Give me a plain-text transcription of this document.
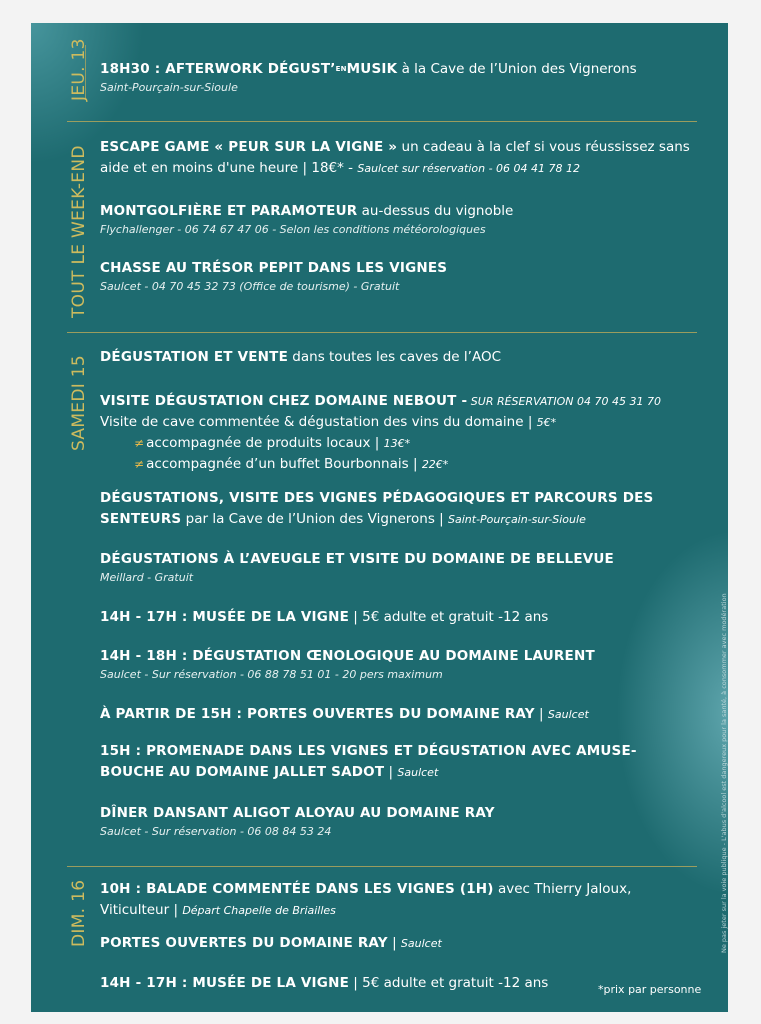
JEU. 13 18H30 : AFTERWORK DÉGUST’$^{EN}$MUSIK à la Cave de l’Union des Vignerons
Saint-Pourçain-sur-Sioule
TOUT LE WEEK-END ESCAPE GAME « PEUR SUR LA VIGNE » un cadeau à la clef si vous réussissez sans aide et en moins d'une heure | 18€* - Saulcet sur réservation - 06 04 41 78 12
MONTGOLFIÈRE ET PARAMOTEUR au-dessus du vignoble
Flychallenger - 06 74 67 47 06 - Selon les conditions météorologiques
CHASSE AU TRÉSOR PEPIT DANS LES VIGNES
Saulcet - 04 70 45 32 73 (Office de tourisme) - Gratuit
SAMEDI 15 DÉGUSTATION ET VENTE dans toutes les caves de l’AOC
VISITE DÉGUSTATION CHEZ DOMAINE NEBOUT - SUR RÉSERVATION 04 70 45 31 70
Visite de cave commentée & dégustation des vins du domaine | 5€*
≠ accompagnée de produits locaux | 13€*
≠ accompagnée d’un buffet Bourbonnais | 22€*
DÉGUSTATIONS, VISITE DES VIGNES PÉDAGOGIQUES ET PARCOURS DES SENTEURS par la Cave de l’Union des Vignerons | Saint-Pourçain-sur-Sioule
DÉGUSTATIONS À L’AVEUGLE ET VISITE DU DOMAINE DE BELLEVUE
Meillard - Gratuit
14H - 17H : MUSÉE DE LA VIGNE | 5€ adulte et gratuit -12 ans
14H - 18H : DÉGUSTATION ŒNOLOGIQUE AU DOMAINE LAURENT
Saulcet - Sur réservation - 06 88 78 51 01 - 20 pers maximum
À PARTIR DE 15H : PORTES OUVERTES DU DOMAINE RAY | Saulcet
15H : PROMENADE DANS LES VIGNES ET DÉGUSTATION AVEC AMUSE-BOUCHE AU DOMAINE JALLET SADOT | Saulcet
DÎNER DANSANT ALIGOT ALOYAU AU DOMAINE RAY
Saulcet - Sur réservation - 06 08 84 53 24
DIM. 16 10H : BALADE COMMENTÉE DANS LES VIGNES (1H) avec Thierry Jaloux, Viticulteur | Départ Chapelle de Briailles
PORTES OUVERTES DU DOMAINE RAY | Saulcet
14H - 17H : MUSÉE DE LA VIGNE | 5€ adulte et gratuit -12 ans	*prix par personne
Ne pas jeter sur la voie publique - L'abus d'alcool est dangereux pour la santé, à consommer avec modération
